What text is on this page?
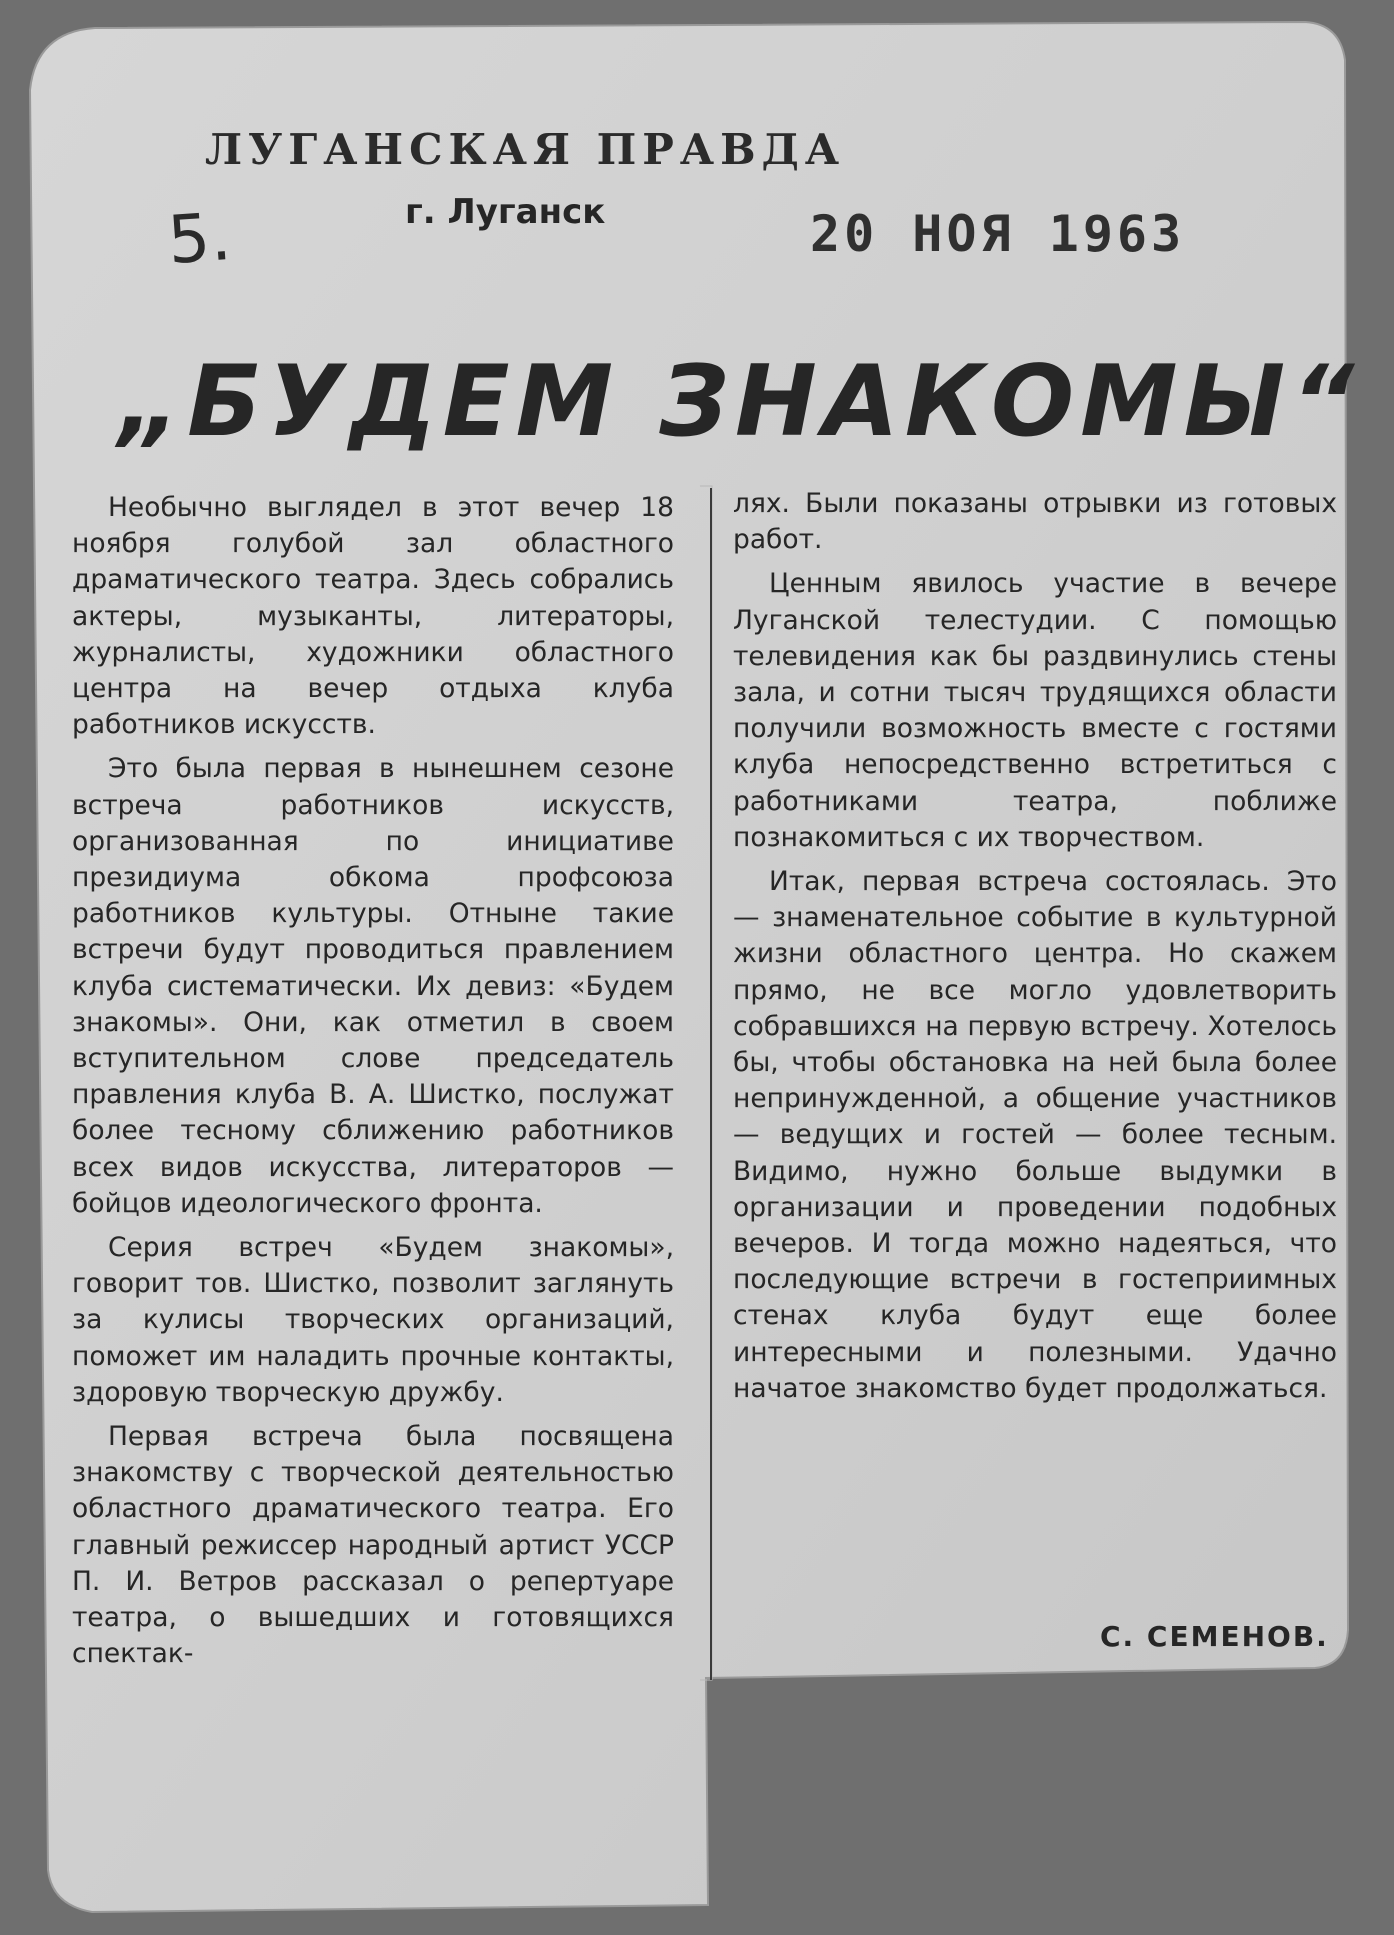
ЛУГАНСКАЯ ПРАВДА
г. Луганск
5.	20 НОЯ 1963
„БУДЕМ ЗНАКОМЫ“

Необычно выглядел в этот вечер 18 ноября голубой зал областного драматического театра. Здесь собрались актеры, музыканты, литераторы, журналисты, художники областного центра на вечер отдыха клуба работников искусств.

Это была первая в нынешнем сезоне встреча работников искусств, организованная по инициативе президиума обкома профсоюза работников культуры. Отныне такие встречи будут проводиться правлением клуба систематически. Их девиз: «Будем знакомы». Они, как отметил в своем вступительном слове председатель правления клуба В. А. Шистко, послужат более тесному сближению работников всех видов искусства, литераторов — бойцов идеологического фронта.

Серия встреч «Будем знакомы», говорит тов. Шистко, позволит заглянуть за кулисы творческих организаций, поможет им наладить прочные контакты, здоровую творческую дружбу.

Первая встреча была посвящена знакомству с творческой деятельностью областного драматического театра. Его главный режиссер народный артист УССР П. И. Ветров рассказал о репертуаре театра, о вышедших и готовящихся спектак-

лях. Были показаны отрывки из готовых работ.

Ценным явилось участие в вечере Луганской телестудии. С помощью телевидения как бы раздвинулись стены зала, и сотни тысяч трудящихся области получили возможность вместе с гостями клуба непосредственно встретиться с работниками театра, поближе познакомиться с их творчеством.

Итак, первая встреча состоялась. Это — знаменательное событие в культурной жизни областного центра. Но скажем прямо, не все могло удовлетворить собравшихся на первую встречу. Хотелось бы, чтобы обстановка на ней была более непринужденной, а общение участников — ведущих и гостей — более тесным. Видимо, нужно больше выдумки в организации и проведении подобных вечеров. И тогда можно надеяться, что последующие встречи в гостеприимных стенах клуба будут еще более интересными и полезными. Удачно начатое знакомство будет продолжаться.

С. СЕМЕНОВ.
